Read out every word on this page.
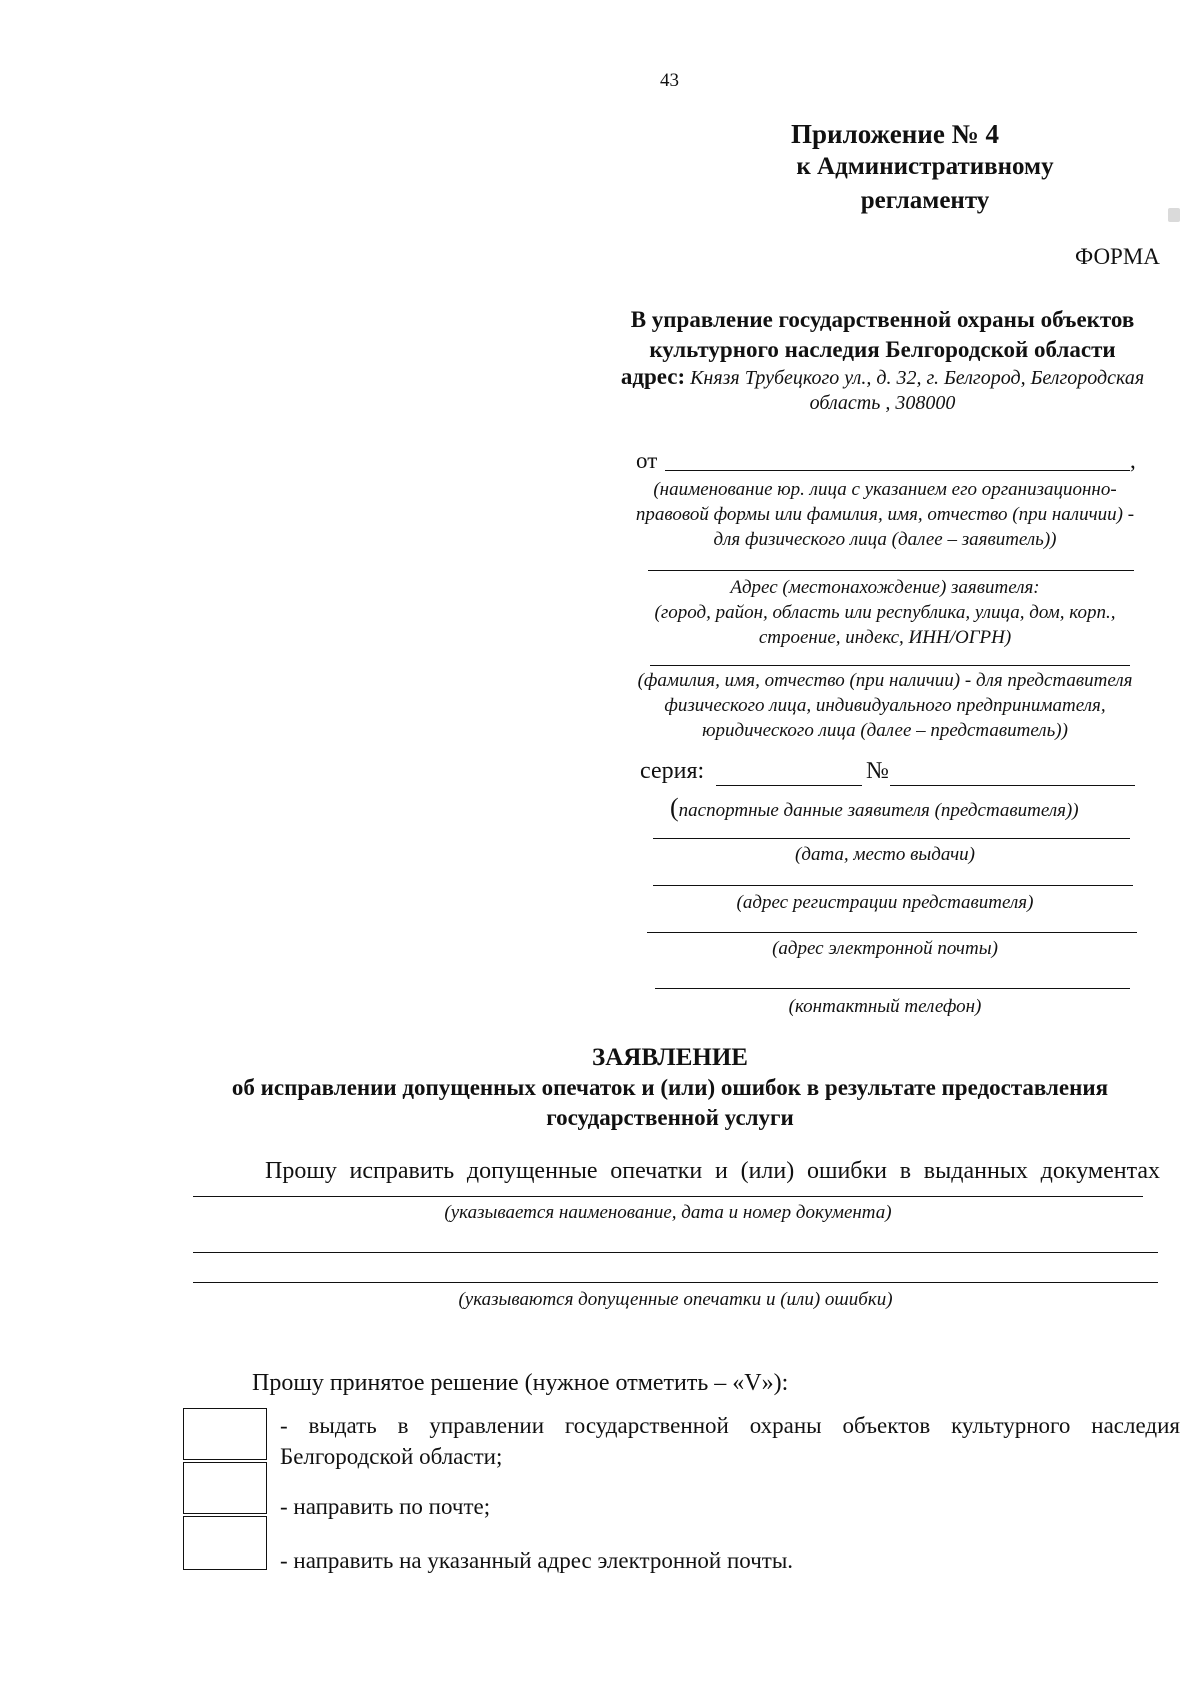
43
Приложение № 4
к Административному
регламенту
ФОРМА
В управление государственной охраны объектов
культурного наследия Белгородской области
адрес: Князя Трубецкого ул., д. 32, г. Белгород, Белгородская
область , 308000
от	,
(наименование юр. лица с указанием его организационно-
правовой формы или фамилия, имя, отчество (при наличии) -
для физического лица (далее – заявитель))
Адрес (местонахождение) заявителя:
(город, район, область или республика, улица, дом, корп.,
строение, индекс, ИНН/ОГРН)
(фамилия, имя, отчество (при наличии) - для представителя
физического лица, индивидуального предпринимателя,
юридического лица (далее – представитель))
серия:	№
(паспортные данные заявителя (представителя))
(дата, место выдачи)
(адрес регистрации представителя)
(адрес электронной почты)
(контактный телефон)
ЗАЯВЛЕНИЕ
об исправлении допущенных опечаток и (или) ошибок в результате предоставления
государственной услуги
Прошу исправить допущенные опечатки и (или) ошибки в выданных документах
(указывается наименование, дата и номер документа)
(указываются допущенные опечатки и (или) ошибки)
Прошу принятое решение (нужное отметить – «V»):
- выдать в управлении государственной охраны объектов культурного наследия
Белгородской области;
- направить по почте;
- направить на указанный адрес электронной почты.
